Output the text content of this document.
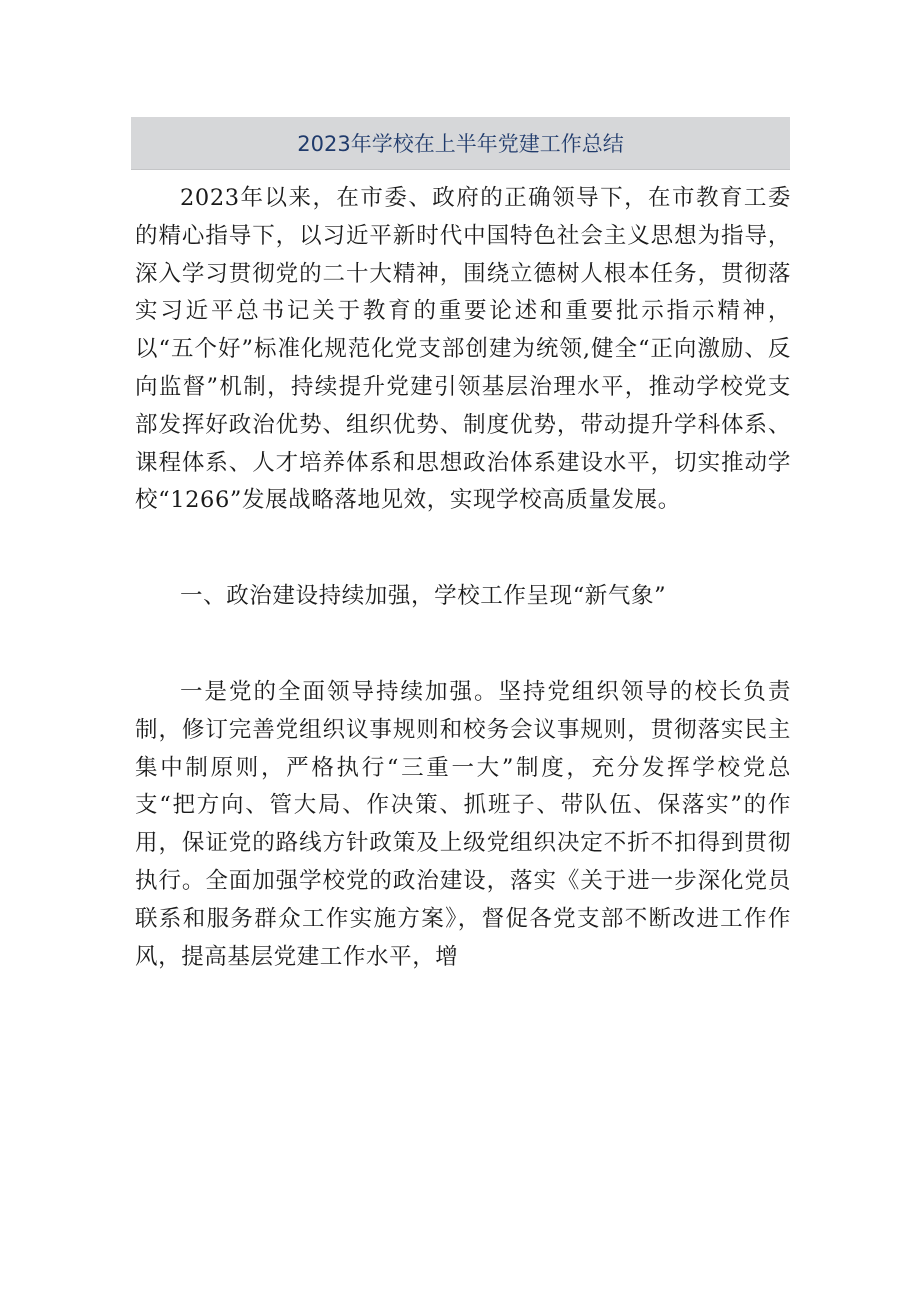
2023年学校在上半年党建工作总结

2023年以来，在市委、政府的正确领导下，在市教育工委的精心指导下，以习近平新时代中国特色社会主义思想为指导，深入学习贯彻党的二十大精神，围绕立德树人根本任务，贯彻落实习近平总书记关于教育的重要论述和重要批示指示精神，以“五个好”标准化规范化党支部创建为统领,健全“正向激励、反向监督”机制，持续提升党建引领基层治理水平，推动学校党支部发挥好政治优势、组织优势、制度优势，带动提升学科体系、课程体系、人才培养体系和思想政治体系建设水平，切实推动学校“1266”发展战略落地见效，实现学校高质量发展。

一、政治建设持续加强，学校工作呈现“新气象”

一是党的全面领导持续加强。坚持党组织领导的校长负责制，修订完善党组织议事规则和校务会议事规则，贯彻落实民主集中制原则，严格执行“三重一大”制度，充分发挥学校党总支“把方向、管大局、作决策、抓班子、带队伍、保落实”的作用，保证党的路线方针政策及上级党组织决定不折不扣得到贯彻执行。全面加强学校党的政治建设，落实《关于进一步深化党员联系和服务群众工作实施方案》，督促各党支部不断改进工作作风，提高基层党建工作水平，增
